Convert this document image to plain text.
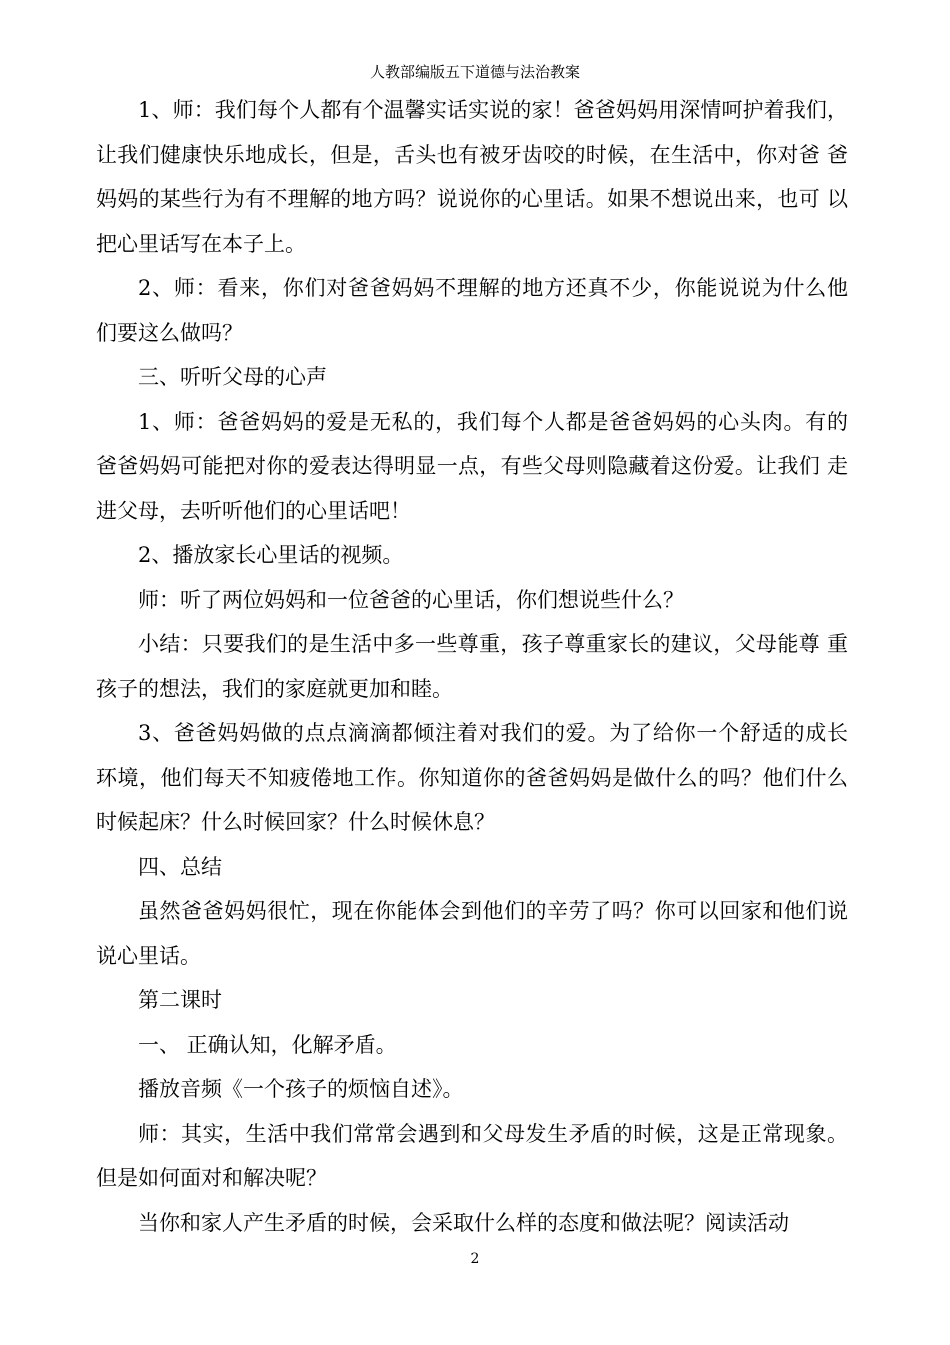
人教部编版五下道德与法治教案

1、师：我们每个人都有个温馨实话实说的家！爸爸妈妈用深情呵护着我们， 让我们健康快乐地成长，但是，舌头也有被牙齿咬的时候，在生活中，你对爸 爸妈妈的某些行为有不理解的地方吗？说说你的心里话。如果不想说出来，也可 以把心里话写在本子上。

2、师：看来，你们对爸爸妈妈不理解的地方还真不少，你能说说为什么他 们要这么做吗？

三、听听父母的心声

1、师：爸爸妈妈的爱是无私的，我们每个人都是爸爸妈妈的心头肉。有的 爸爸妈妈可能把对你的爱表达得明显一点，有些父母则隐藏着这份爱。让我们 走进父母，去听听他们的心里话吧！

2、播放家长心里话的视频。

师：听了两位妈妈和一位爸爸的心里话，你们想说些什么？

小结：只要我们的是生活中多一些尊重，孩子尊重家长的建议，父母能尊 重孩子的想法，我们的家庭就更加和睦。

3、爸爸妈妈做的点点滴滴都倾注着对我们的爱。为了给你一个舒适的成长 环境，他们每天不知疲倦地工作。你知道你的爸爸妈妈是做什么的吗？他们什么 时候起床？什么时候回家？什么时候休息？

四、总结

虽然爸爸妈妈很忙，现在你能体会到他们的辛劳了吗？你可以回家和他们说说心里话。

第二课时

一、 正确认知，化解矛盾。

播放音频《一个孩子的烦恼自述》。

师：其实，生活中我们常常会遇到和父母发生矛盾的时候，这是正常现象。但是如何面对和解决呢？

当你和家人产生矛盾的时候，会采取什么样的态度和做法呢？阅读活动

2
